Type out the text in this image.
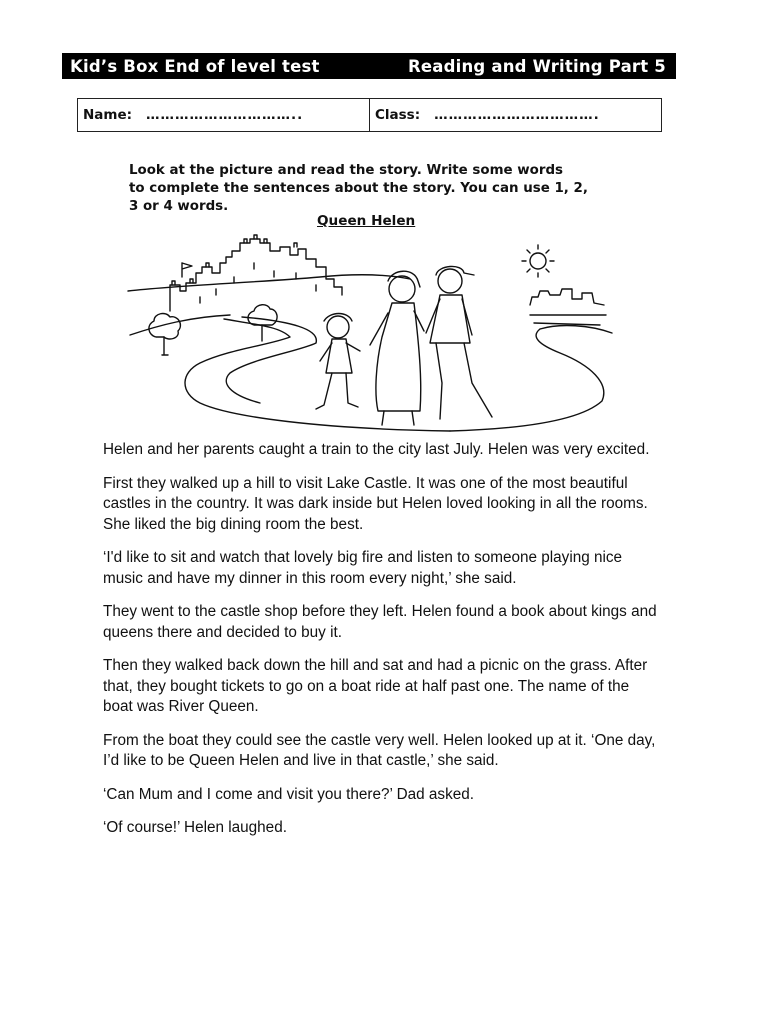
Kid’s Box End of level test	Reading and Writing Part 5
Name: …………………………..	Class: …………………………….
Look at the picture and read the story. Write some words
to complete the sentences about the story. You can use 1, 2,
3 or 4 words.
Queen Helen

Helen and her parents caught a train to the city last July. Helen was very excited.

First they walked up a hill to visit Lake Castle. It was one of the most beautiful castles in the country. It was dark inside but Helen loved looking in all the rooms. She liked the big dining room the best.

‘I'd like to sit and watch that lovely big fire and listen to someone playing nice music and have my dinner in this room every night,’ she said.

They went to the castle shop before they left. Helen found a book about kings and queens there and decided to buy it.

Then they walked back down the hill and sat and had a picnic on the grass. After that, they bought tickets to go on a boat ride at half past one. The name of the boat was River Queen.

From the boat they could see the castle very well. Helen looked up at it. ‘One day, I’d like to be Queen Helen and live in that castle,’ she said.

‘Can Mum and I come and visit you there?’ Dad asked.

‘Of course!’ Helen laughed.
